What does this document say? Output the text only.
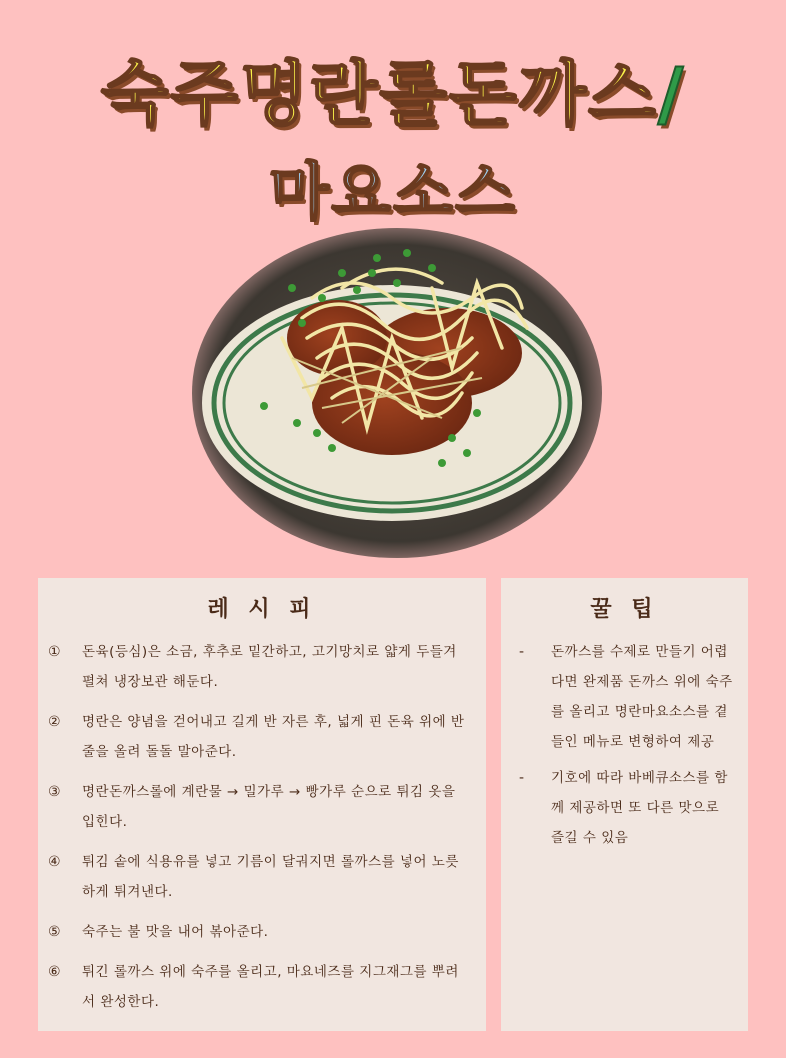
숙주명란롤돈까스/
마요소스
레 시 피
①	돈육(등심)은 소금, 후추로 밑간하고, 고기망치로 얇게 두들겨 펼쳐 냉장보관 해둔다.
②	명란은 양념을 걷어내고 길게 반 자른 후, 넓게 핀 돈육 위에 반 줄을 올려 돌돌 말아준다.
③	명란돈까스롤에 계란물 → 밀가루 → 빵가루 순으로 튀김 옷을 입힌다.
④	튀김 솥에 식용유를 넣고 기름이 달궈지면 롤까스를 넣어 노릇하게 튀겨낸다.
⑤	숙주는 불 맛을 내어 볶아준다.
⑥	튀긴 롤까스 위에 숙주를 올리고, 마요네즈를 지그재그를 뿌려서 완성한다.
꿀 팁
-	돈까스를 수제로 만들기 어렵다면 완제품 돈까스 위에 숙주를 올리고 명란마요소스를 곁들인 메뉴로 변형하여 제공
-	기호에 따라 바베큐소스를 함께 제공하면 또 다른 맛으로 즐길 수 있음
